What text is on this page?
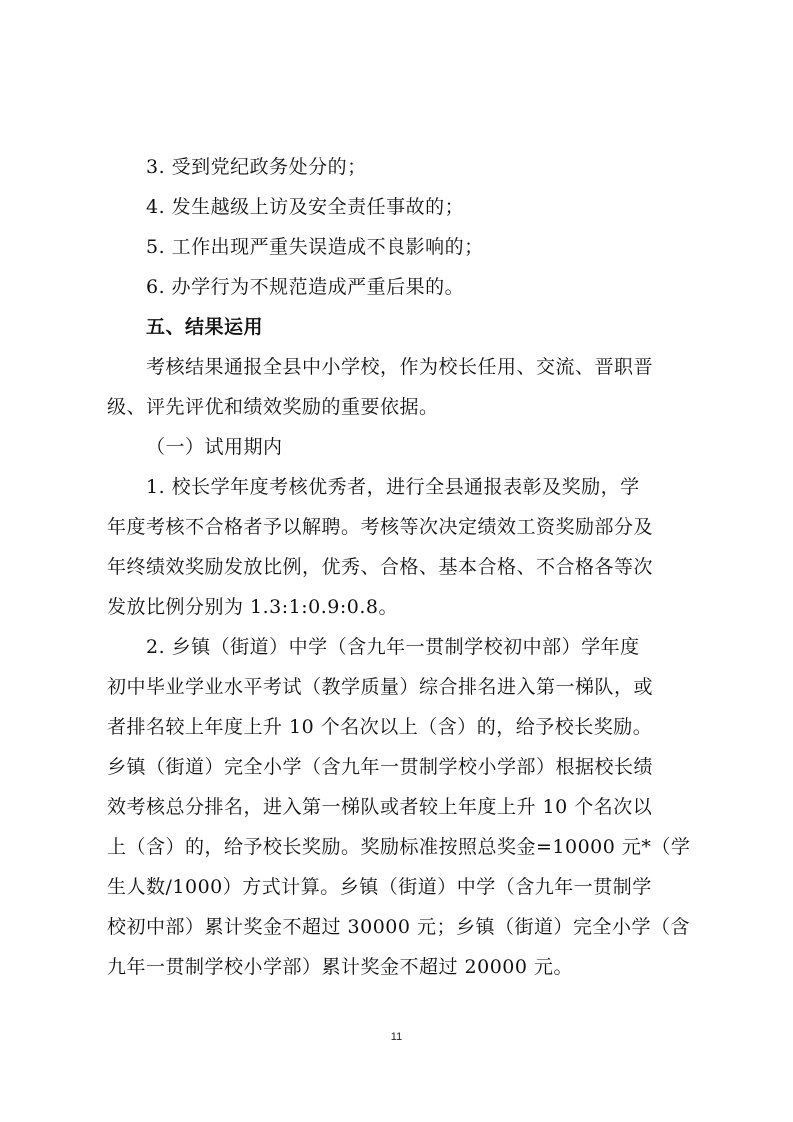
3. 受到党纪政务处分的；
4. 发生越级上访及安全责任事故的；
5. 工作出现严重失误造成不良影响的；
6. 办学行为不规范造成严重后果的。
五、结果运用
考核结果通报全县中小学校，作为校长任用、交流、晋职晋
级、评先评优和绩效奖励的重要依据。
（一）试用期内
1. 校长学年度考核优秀者，进行全县通报表彰及奖励，学
年度考核不合格者予以解聘。考核等次决定绩效工资奖励部分及
年终绩效奖励发放比例，优秀、合格、基本合格、不合格各等次
发放比例分别为 1.3:1:0.9:0.8。
2. 乡镇（街道）中学（含九年一贯制学校初中部）学年度
初中毕业学业水平考试（教学质量）综合排名进入第一梯队，或
者排名较上年度上升 10 个名次以上（含）的，给予校长奖励。
乡镇（街道）完全小学（含九年一贯制学校小学部）根据校长绩
效考核总分排名，进入第一梯队或者较上年度上升 10 个名次以
上（含）的，给予校长奖励。奖励标准按照总奖金=10000 元*（学
生人数/1000）方式计算。乡镇（街道）中学（含九年一贯制学
校初中部）累计奖金不超过 30000 元；乡镇（街道）完全小学（含
九年一贯制学校小学部）累计奖金不超过 20000 元。
11
